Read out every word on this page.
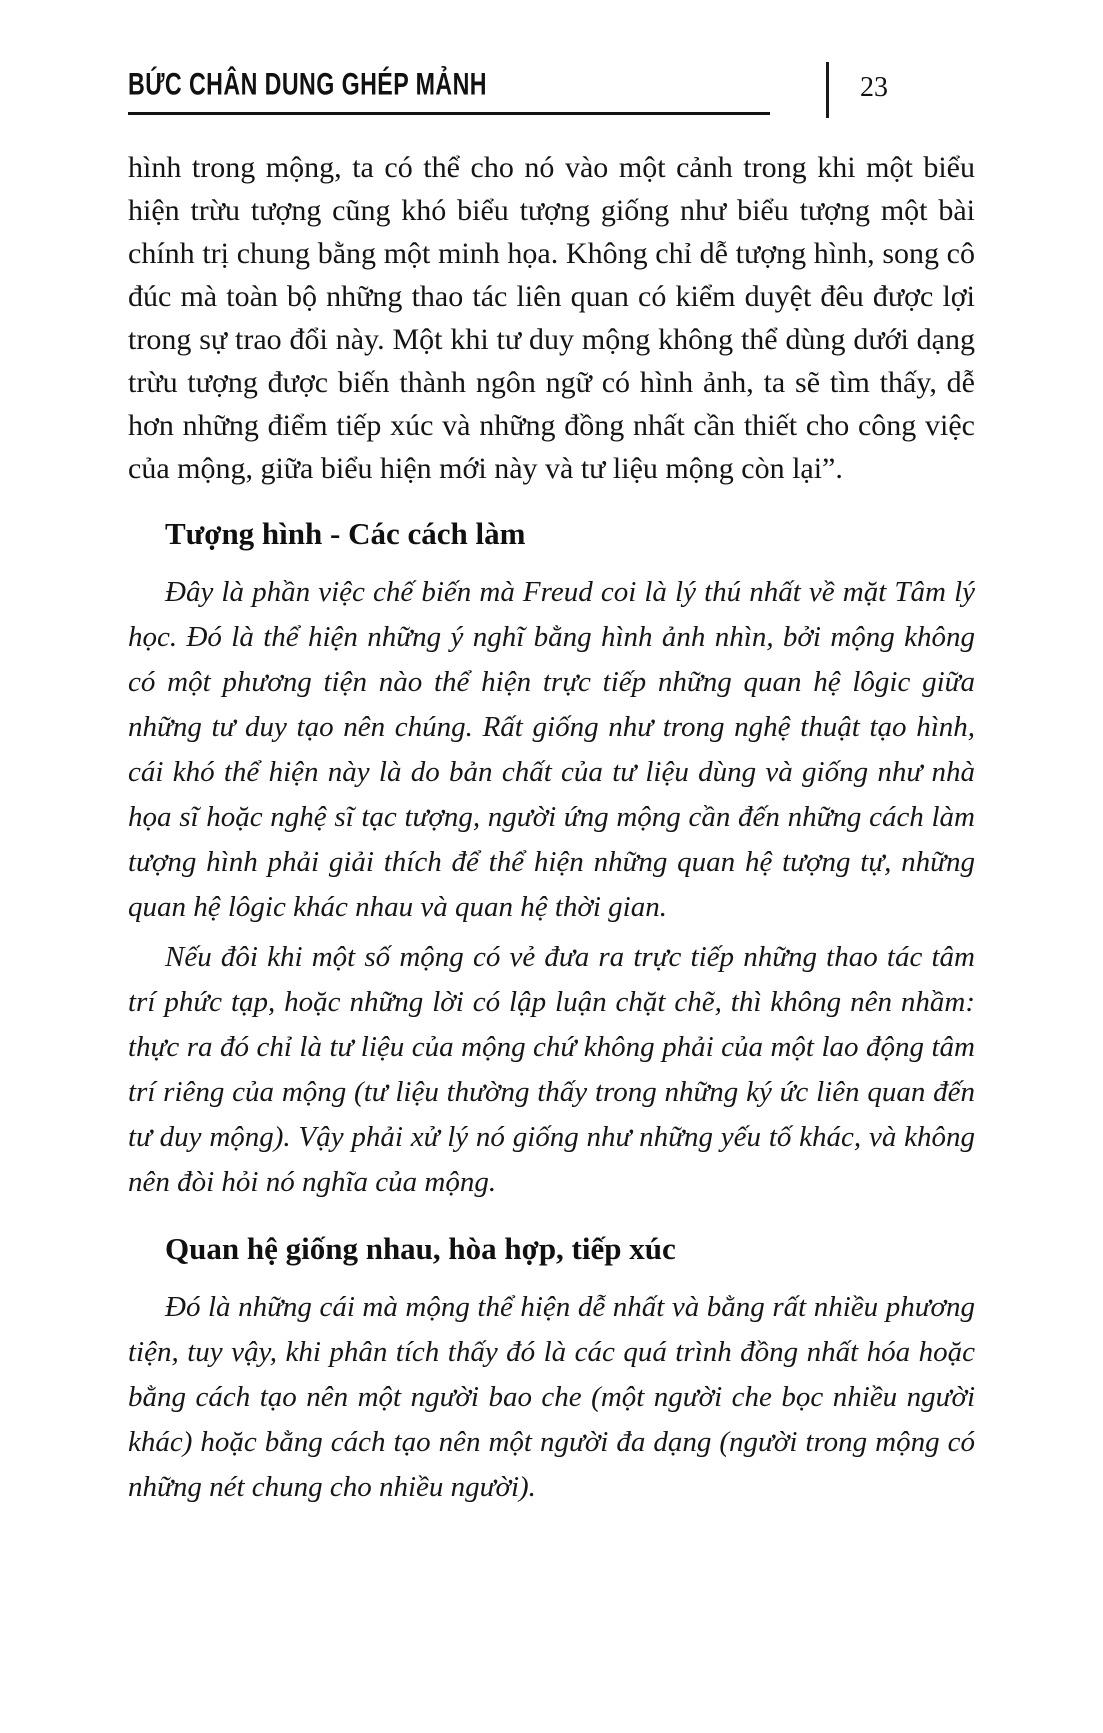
BỨC CHÂN DUNG GHÉP MẢNH	23

hình trong mộng, ta có thể cho nó vào một cảnh trong khi một biểu hiện trừu tượng cũng khó biểu tượng giống như biểu tượng một bài chính trị chung bằng một minh họa. Không chỉ dễ tượng hình, song cô đúc mà toàn bộ những thao tác liên quan có kiểm duyệt đêu được lợi trong sự trao đổi này. Một khi tư duy mộng không thể dùng dưới dạng trừu tượng được biến thành ngôn ngữ có hình ảnh, ta sẽ tìm thấy, dễ hơn những điểm tiếp xúc và những đồng nhất cần thiết cho công việc của mộng, giữa biểu hiện mới này và tư liệu mộng còn lại”.

Tượng hình - Các cách làm

Đây là phần việc chế biến mà Freud coi là lý thú nhất về mặt Tâm lý học. Đó là thể hiện những ý nghĩ bằng hình ảnh nhìn, bởi mộng không có một phương tiện nào thể hiện trực tiếp những quan hệ lôgic giữa những tư duy tạo nên chúng. Rất giống như trong nghệ thuật tạo hình, cái khó thể hiện này là do bản chất của tư liệu dùng và giống như nhà họa sĩ hoặc nghệ sĩ tạc tượng, người ứng mộng cần đến những cách làm tượng hình phải giải thích để thể hiện những quan hệ tượng tự, những quan hệ lôgic khác nhau và quan hệ thời gian.

Nếu đôi khi một số mộng có vẻ đưa ra trực tiếp những thao tác tâm trí phức tạp, hoặc những lời có lập luận chặt chẽ, thì không nên nhầm: thực ra đó chỉ là tư liệu của mộng chứ không phải của một lao động tâm trí riêng của mộng (tư liệu thường thấy trong những ký ức liên quan đến tư duy mộng). Vậy phải xử lý nó giống như những yếu tố khác, và không nên đòi hỏi nó nghĩa của mộng.

Quan hệ giống nhau, hòa hợp, tiếp xúc

Đó là những cái mà mộng thể hiện dễ nhất và bằng rất nhiều phương tiện, tuy vậy, khi phân tích thấy đó là các quá trình đồng nhất hóa hoặc bằng cách tạo nên một người bao che (một người che bọc nhiều người khác) hoặc bằng cách tạo nên một người đa dạng (người trong mộng có những nét chung cho nhiều người).
